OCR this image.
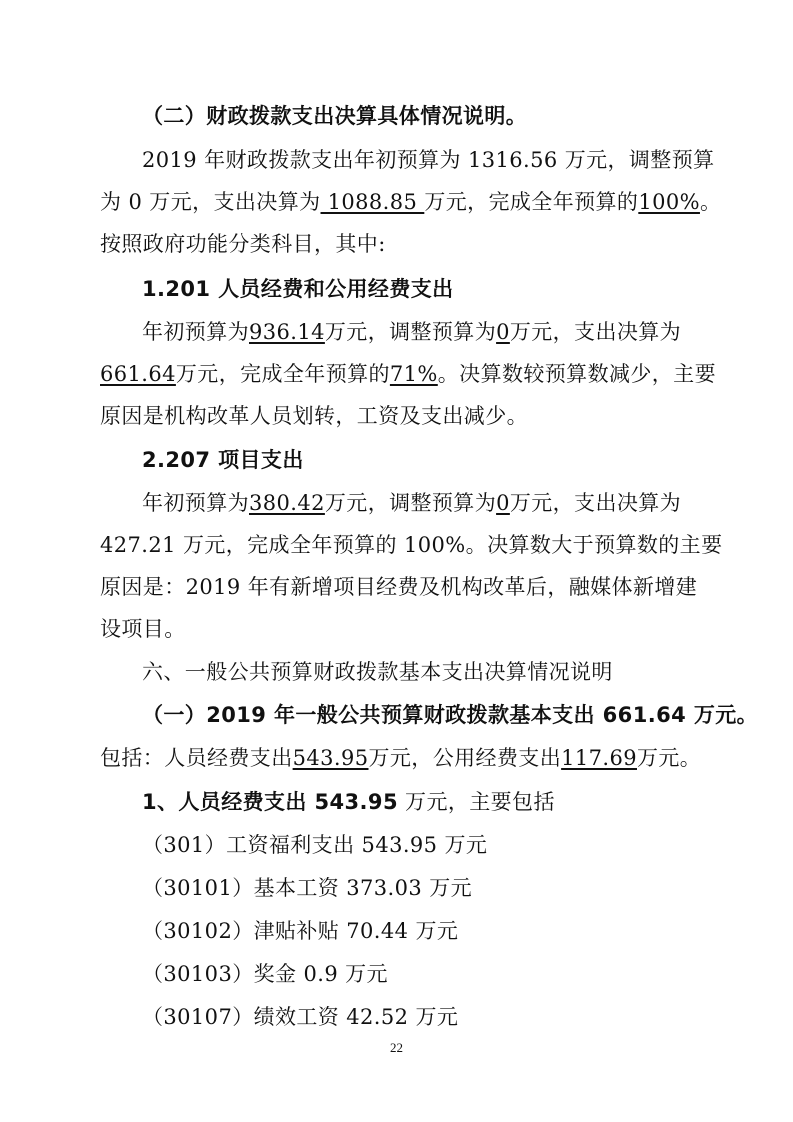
（二）财政拨款支出决算具体情况说明。
2019 年财政拨款支出年初预算为 1316.56 万元，调整预算
为 0 万元，支出决算为 1088.85 万元，完成全年预算的100%。
按照政府功能分类科目，其中:
1.201 人员经费和公用经费支出
年初预算为936.14万元，调整预算为0万元，支出决算为
661.64万元，完成全年预算的71%。决算数较预算数减少，主要
原因是机构改革人员划转，工资及支出减少。
2.207 项目支出
年初预算为380.42万元，调整预算为0万元，支出决算为
427.21 万元，完成全年预算的 100%。决算数大于预算数的主要
原因是：2019 年有新增项目经费及机构改革后，融媒体新增建
设项目。
六、一般公共预算财政拨款基本支出决算情况说明
（一）2019 年一般公共预算财政拨款基本支出 661.64 万元。
包括：人员经费支出543.95万元，公用经费支出117.69万元。
1、人员经费支出 543.95 万元，主要包括
（301）工资福利支出 543.95 万元
（30101）基本工资 373.03 万元
（30102）津贴补贴 70.44 万元
（30103）奖金 0.9 万元
（30107）绩效工资 42.52 万元
22
